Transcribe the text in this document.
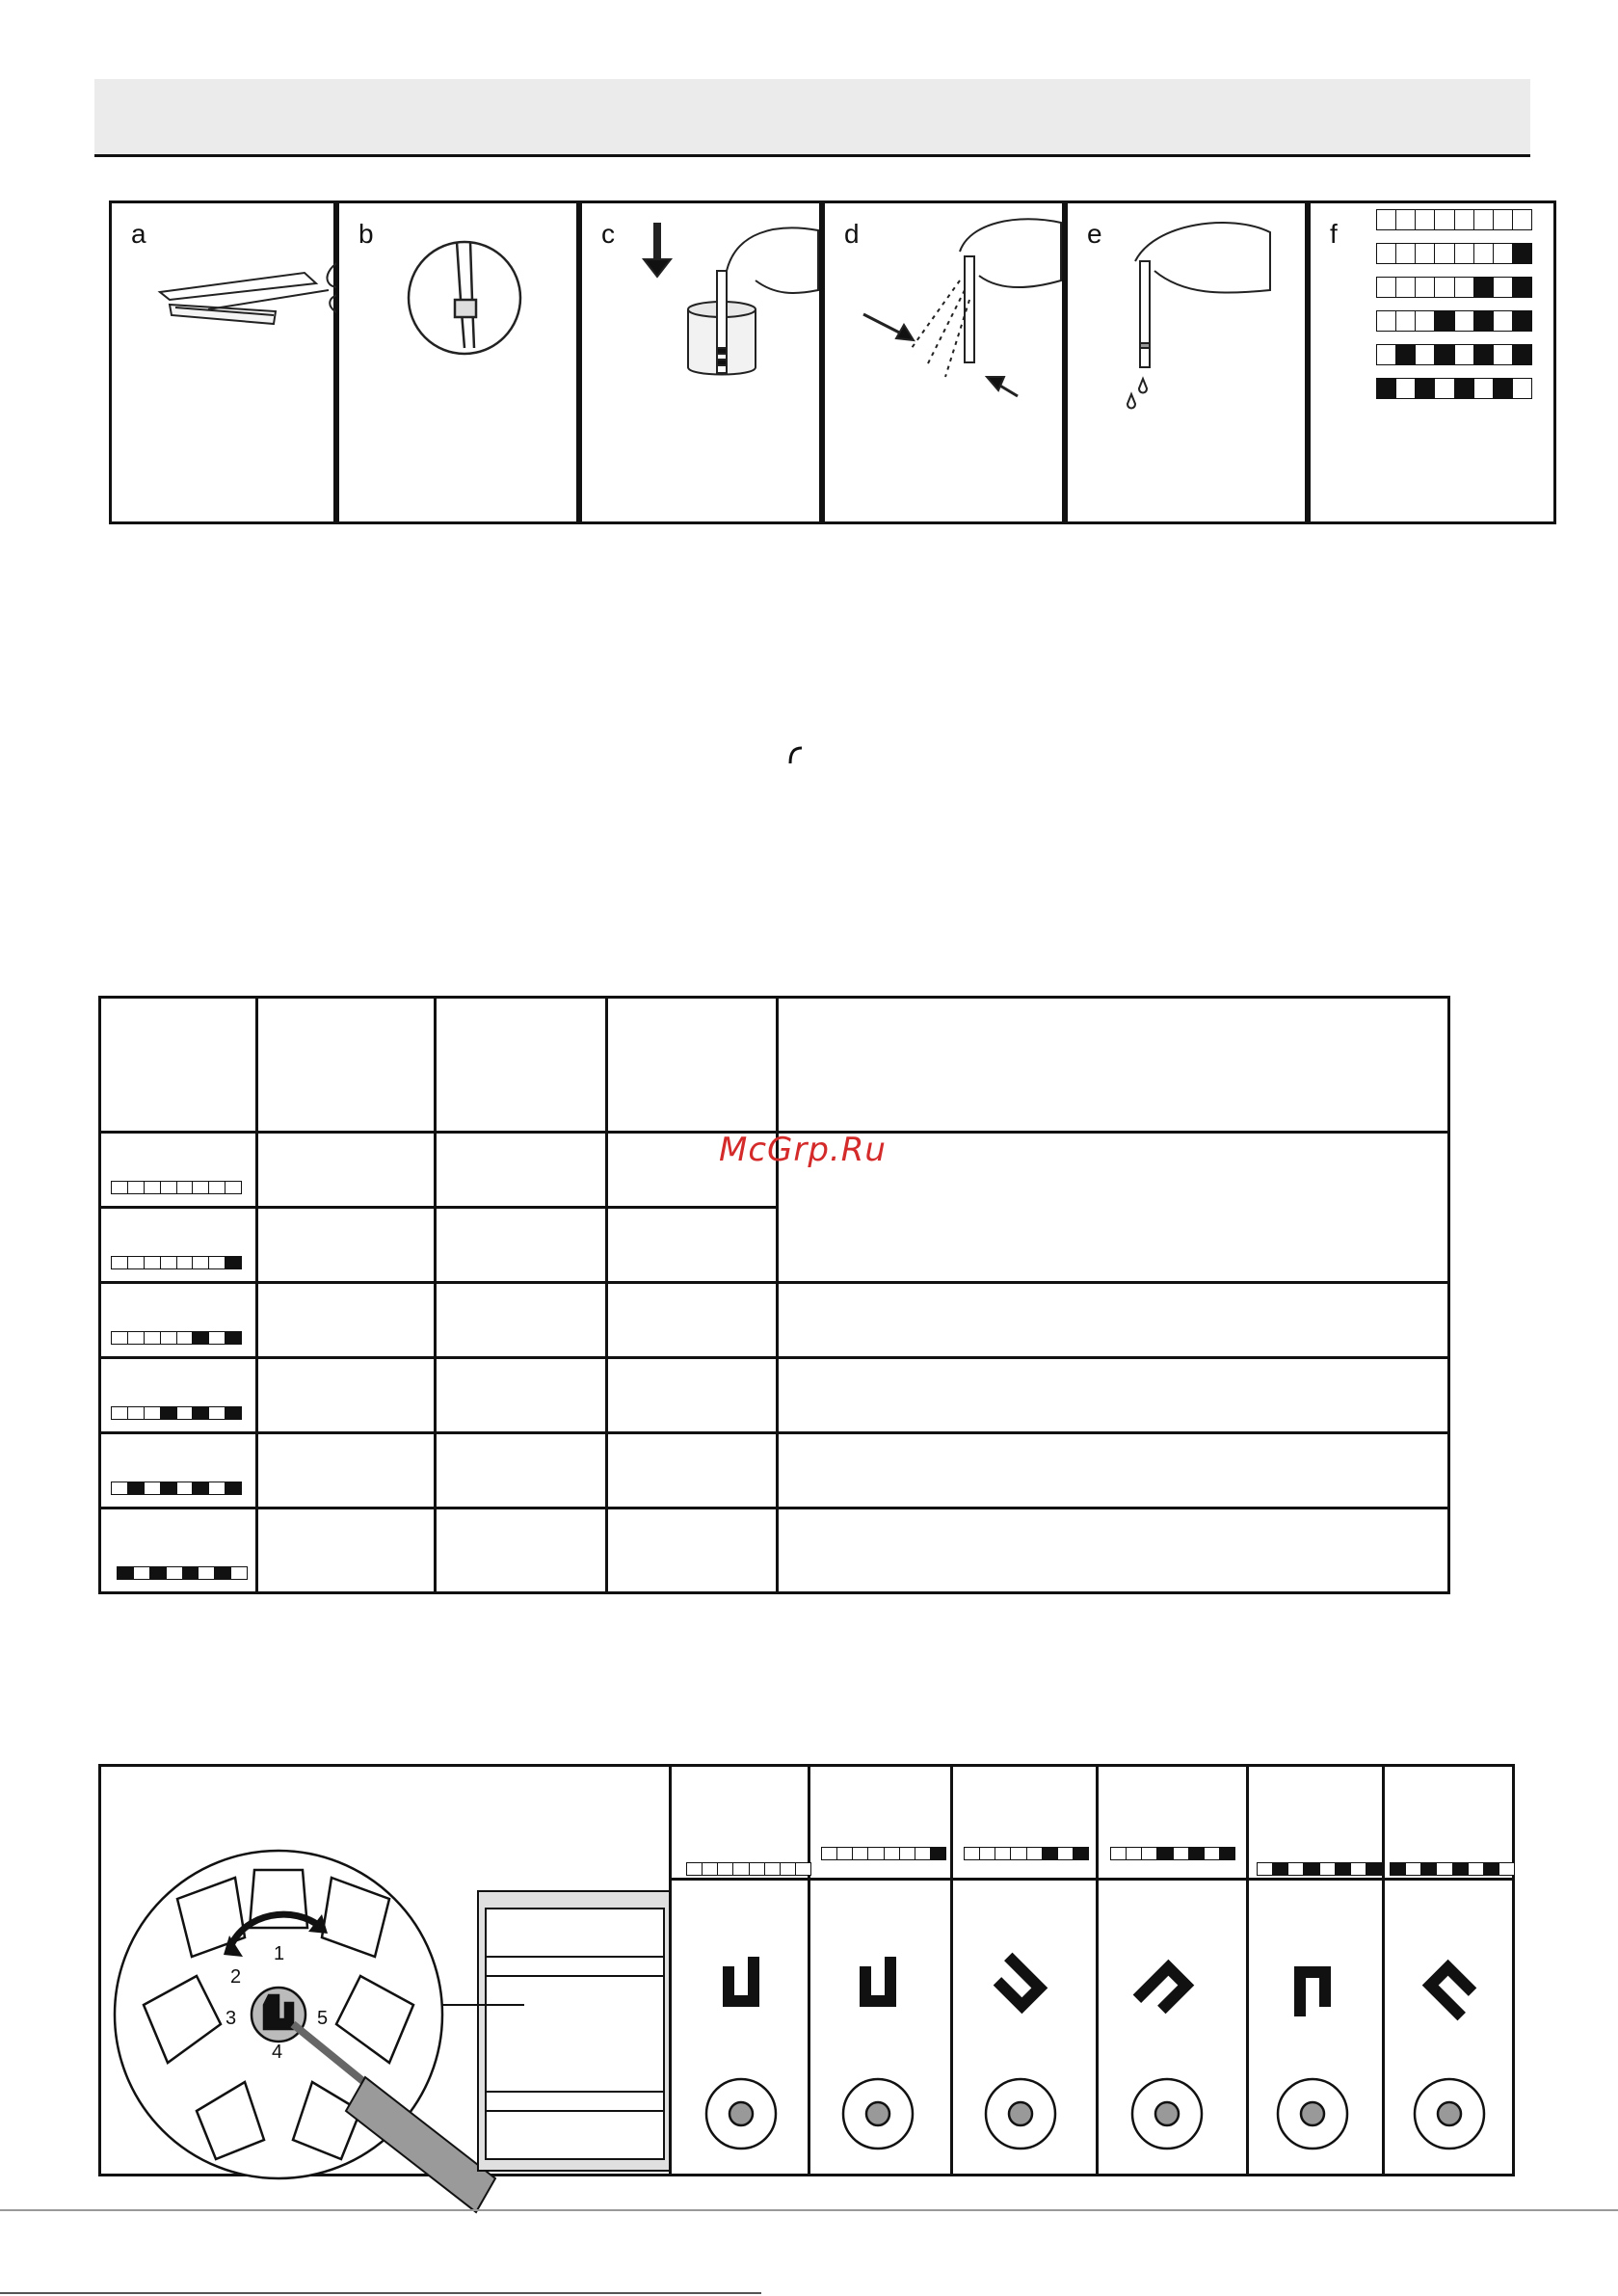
a	b	c	d	e	f

McGrp.Ru
1
2
3
4
5
